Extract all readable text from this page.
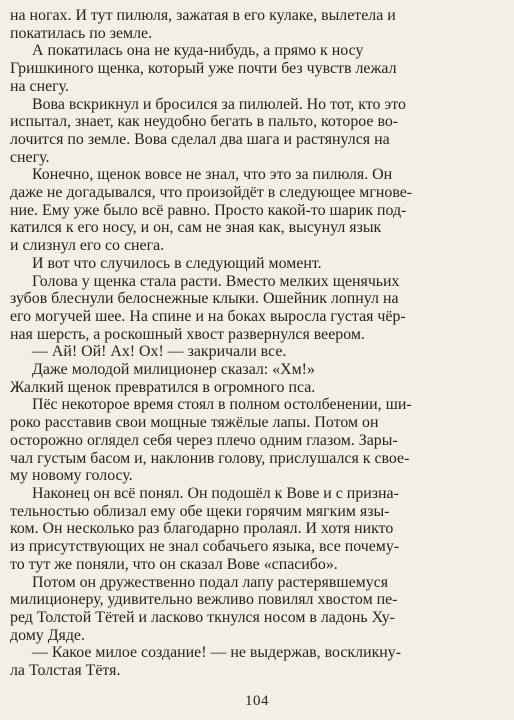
на ногах. И тут пилюля, зажатая в его кулаке, вылетела и
покатилась по земле.

А покатилась она не куда-нибудь, а прямо к носу
Гришкиного щенка, который уже почти без чувств лежал
на снегу.

Вова вскрикнул и бросился за пилюлей. Но тот, кто это
испытал, знает, как неудобно бегать в пальто, которое во-
лочится по земле. Вова сделал два шага и растянулся на
снегу.

Конечно, щенок вовсе не знал, что это за пилюля. Он
даже не догадывался, что произойдёт в следующее мгнове-
ние. Ему уже было всё равно. Просто какой-то шарик под-
катился к его носу, и он, сам не зная как, высунул язык
и слизнул его со снега.

И вот что случилось в следующий момент.

Голова у щенка стала расти. Вместо мелких щенячьих
зубов блеснули белоснежные клыки. Ошейник лопнул на
его могучей шее. На спине и на боках выросла густая чёр-
ная шерсть, а роскошный хвост развернулся веером.

— Ай! Ой! Ах! Ох! — закричали все.

Даже молодой милиционер сказал: «Хм!»

Жалкий щенок превратился в огромного пса.

Пёс некоторое время стоял в полном остолбенении, ши-
роко расставив свои мощные тяжёлые лапы. Потом он
осторожно оглядел себя через плечо одним глазом. Зары-
чал густым басом и, наклонив голову, прислушался к свое-
му новому голосу.

Наконец он всё понял. Он подошёл к Вове и с призна-
тельностью облизал ему обе щеки горячим мягким язы-
ком. Он несколько раз благодарно пролаял. И хотя никто
из присутствующих не знал собачьего языка, все почему-
то тут же поняли, что он сказал Вове «спасибо».

Потом он дружественно подал лапу растерявшемуся
милиционеру, удивительно вежливо повилял хвостом пе-
ред Толстой Тётей и ласково ткнулся носом в ладонь Ху-
дому Дяде.

— Какое милое создание! — не выдержав, воскликну-
ла Толстая Тётя.

104
